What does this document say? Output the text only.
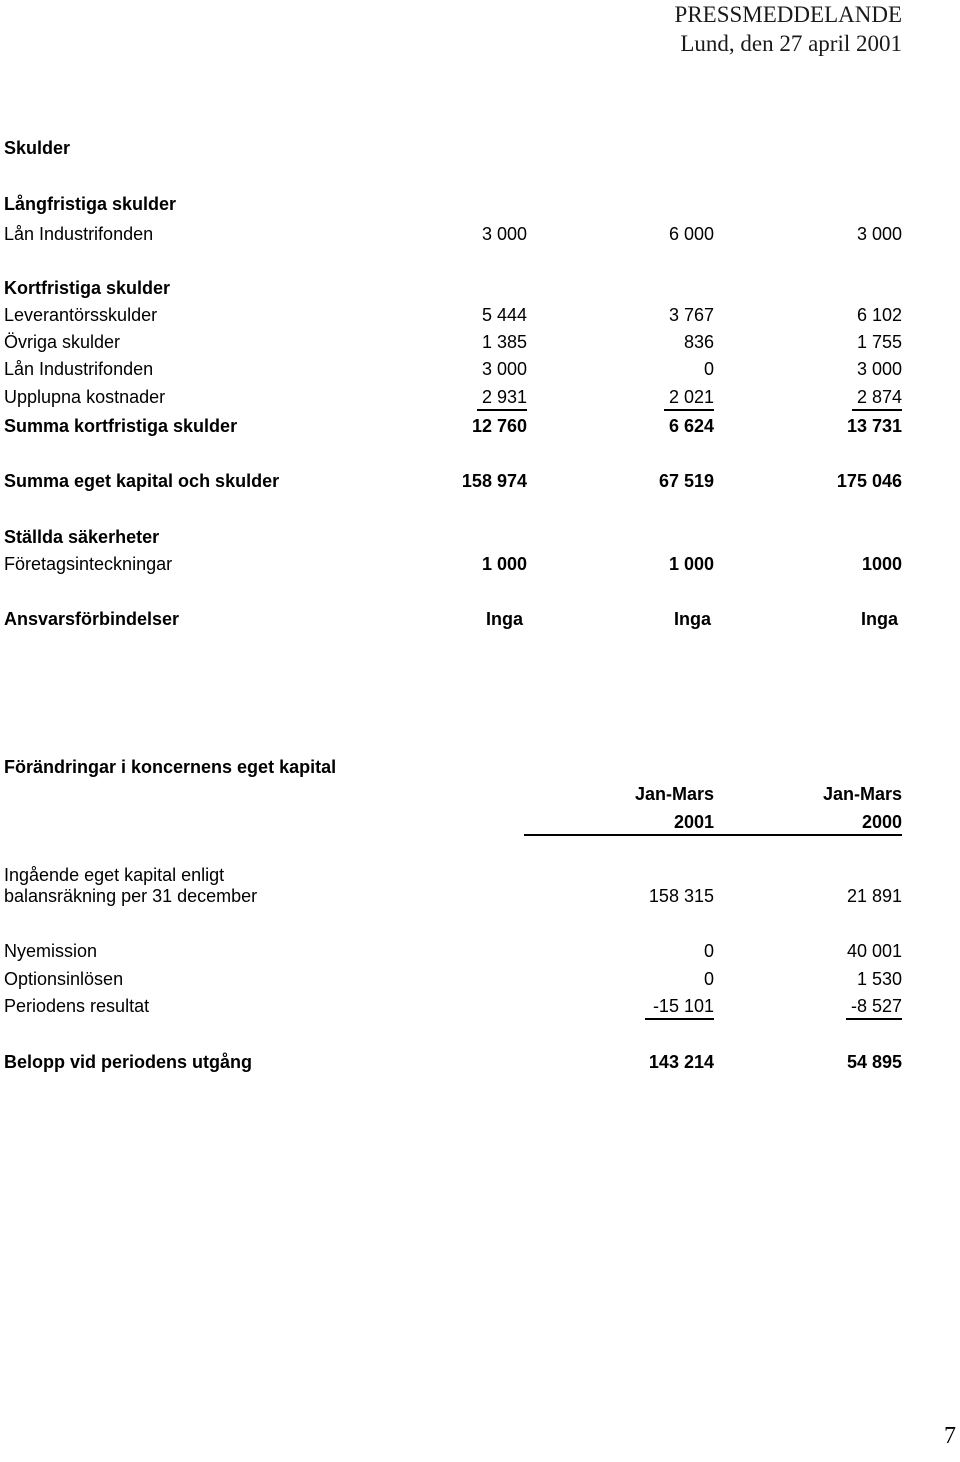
PRESSMEDDELANDE
Lund, den 27 april 2001
Skulder
Långfristiga skulder
Lån Industrifonden	3 000	6 000	3 000
Kortfristiga skulder
Leverantörsskulder	5 444	3 767	6 102
Övriga skulder	1 385	836	1 755
Lån Industrifonden	3 000	0	3 000
Upplupna kostnader	2 931	2 021	2 874
Summa kortfristiga skulder	12 760	6 624	13 731
Summa eget kapital och skulder	158 974	67 519	175 046
Ställda säkerheter
Företagsinteckningar	1 000	1 000	1000
Ansvarsförbindelser	Inga	Inga	Inga
Förändringar i koncernens eget kapital
Jan-Mars	Jan-Mars
2001	2000
Ingående eget kapital enligt
balansräkning per 31 december	158 315	21 891
Nyemission	0	40 001
Optionsinlösen	0	1 530
Periodens resultat	-15 101	-8 527
Belopp vid periodens utgång	143 214	54 895
7
